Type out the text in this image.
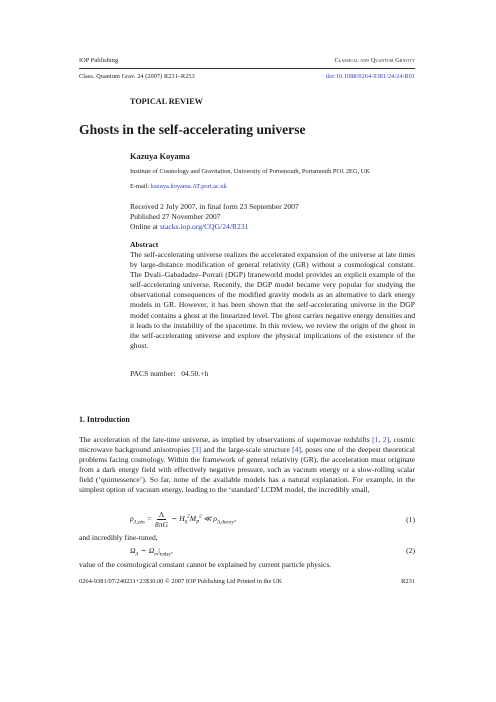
IOP Publishing	Classical and Quantum Gravity
Class. Quantum Grav. 24 (2007) R231–R253	doi:10.1088/0264-9381/24/24/R01
TOPICAL REVIEW
Ghosts in the self-accelerating universe
Kazuya Koyama
Institute of Cosmology and Gravitation, University of Portsmouth, Portsmouth PO1 2EG, UK
E-mail: kazuya.koyama.AT.port.ac.uk
Received 2 July 2007, in final form 23 September 2007
Published 27 November 2007
Online at stacks.iop.org/CQG/24/R231
Abstract
The self-accelerating universe realizes the accelerated expansion of the universe at late times by large-distance modification of general relativity (GR) without a cosmological constant. The Dvali–Gabadadze–Porrati (DGP) braneworld model provides an explicit example of the self-accelerating universe. Recently, the DGP model became very popular for studying the observational consequences of the modified gravity models as an alternative to dark energy models in GR. However, it has been shown that the self-accelerating universe in the DGP model contains a ghost at the linearized level. The ghost carries negative energy densities and it leads to the instability of the spacetime. In this review, we review the origin of the ghost in the self-accelerating universe and explore the physical implications of the existence of the ghost.
PACS number: 04.50.+h
1. Introduction
The acceleration of the late-time universe, as implied by observations of supernovae redshifts [1, 2], cosmic microwave background anisotropies [3] and the large-scale structure [4], poses one of the deepest theoretical problems facing cosmology. Within the framework of general relativity (GR), the acceleration must originate from a dark energy field with effectively negative pressure, such as vacuum energy or a slow-rolling scalar field (‘quintessence’). So far, none of the available models has a natural explanation. For example, in the simplest option of vacuum energy, leading to the ‘standard’ LCDM model, the incredibly small,
$\rho_{\Lambda,obs} = \frac{\Lambda}{8\pi G}$ ∼ $H_0^2M_P^2$ ≪ $\rho_{\Lambda,theory}$,	(1)
and incredibly fine-tuned,
$\Omega_\Lambda$ ∼ $\Omega_m|_{today}$,	(2)
value of the cosmological constant cannot be explained by current particle physics.
0264-9381/07/240231+23$30.00 © 2007 IOP Publishing Ltd Printed in the UK	R231
